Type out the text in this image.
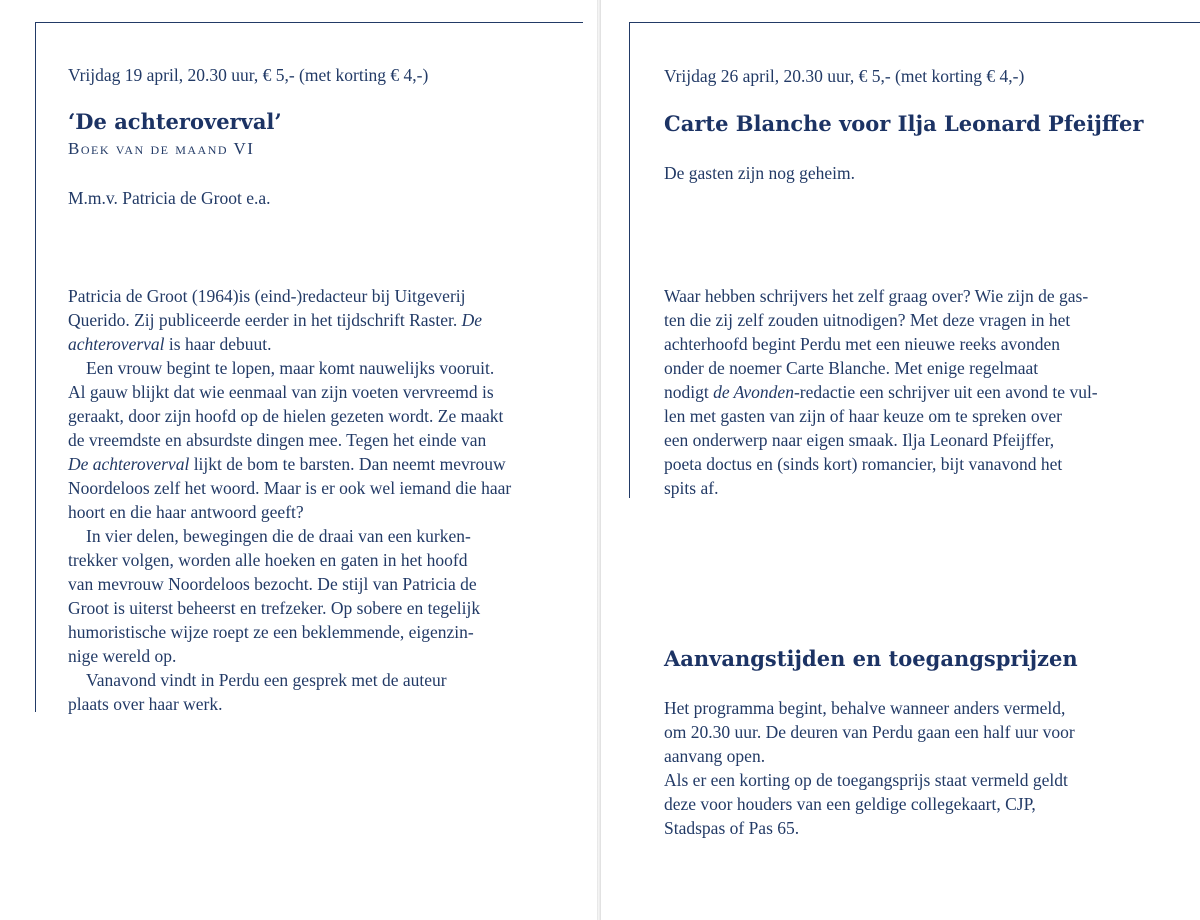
Vrijdag 19 april, 20.30 uur, € 5,- (met korting € 4,-)
‘De achteroverval’
Boek van de maand VI
M.m.v. Patricia de Groot e.a.

Patricia de Groot (1964)is (eind-)redacteur bij Uitgeverij

Querido. Zij publiceerde eerder in het tijdschrift Raster. De

achteroverval is haar debuut.

Een vrouw begint te lopen, maar komt nauwelijks vooruit.

Al gauw blijkt dat wie eenmaal van zijn voeten vervreemd is

geraakt, door zijn hoofd op de hielen gezeten wordt. Ze maakt

de vreemdste en absurdste dingen mee. Tegen het einde van

De achteroverval lijkt de bom te barsten. Dan neemt mevrouw

Noordeloos zelf het woord. Maar is er ook wel iemand die haar

hoort en die haar antwoord geeft?

In vier delen, bewegingen die de draai van een kurken-

trekker volgen, worden alle hoeken en gaten in het hoofd

van mevrouw Noordeloos bezocht. De stijl van Patricia de

Groot is uiterst beheerst en trefzeker. Op sobere en tegelijk

humoristische wijze roept ze een beklemmende, eigenzin-

nige wereld op.

Vanavond vindt in Perdu een gesprek met de auteur

plaats over haar werk.

Vrijdag 26 april, 20.30 uur, € 5,- (met korting € 4,-)
Carte Blanche voor Ilja Leonard Pfeijffer
De gasten zijn nog geheim.

Waar hebben schrijvers het zelf graag over? Wie zijn de gas-

ten die zij zelf zouden uitnodigen? Met deze vragen in het

achterhoofd begint Perdu met een nieuwe reeks avonden

onder de noemer Carte Blanche. Met enige regelmaat

nodigt de Avonden-redactie een schrijver uit een avond te vul-

len met gasten van zijn of haar keuze om te spreken over

een onderwerp naar eigen smaak. Ilja Leonard Pfeijffer,

poeta doctus en (sinds kort) romancier, bijt vanavond het

spits af.

Aanvangstijden en toegangsprijzen

Het programma begint, behalve wanneer anders vermeld,

om 20.30 uur. De deuren van Perdu gaan een half uur voor

aanvang open.

Als er een korting op de toegangsprijs staat vermeld geldt

deze voor houders van een geldige collegekaart, CJP,

Stadspas of Pas 65.
